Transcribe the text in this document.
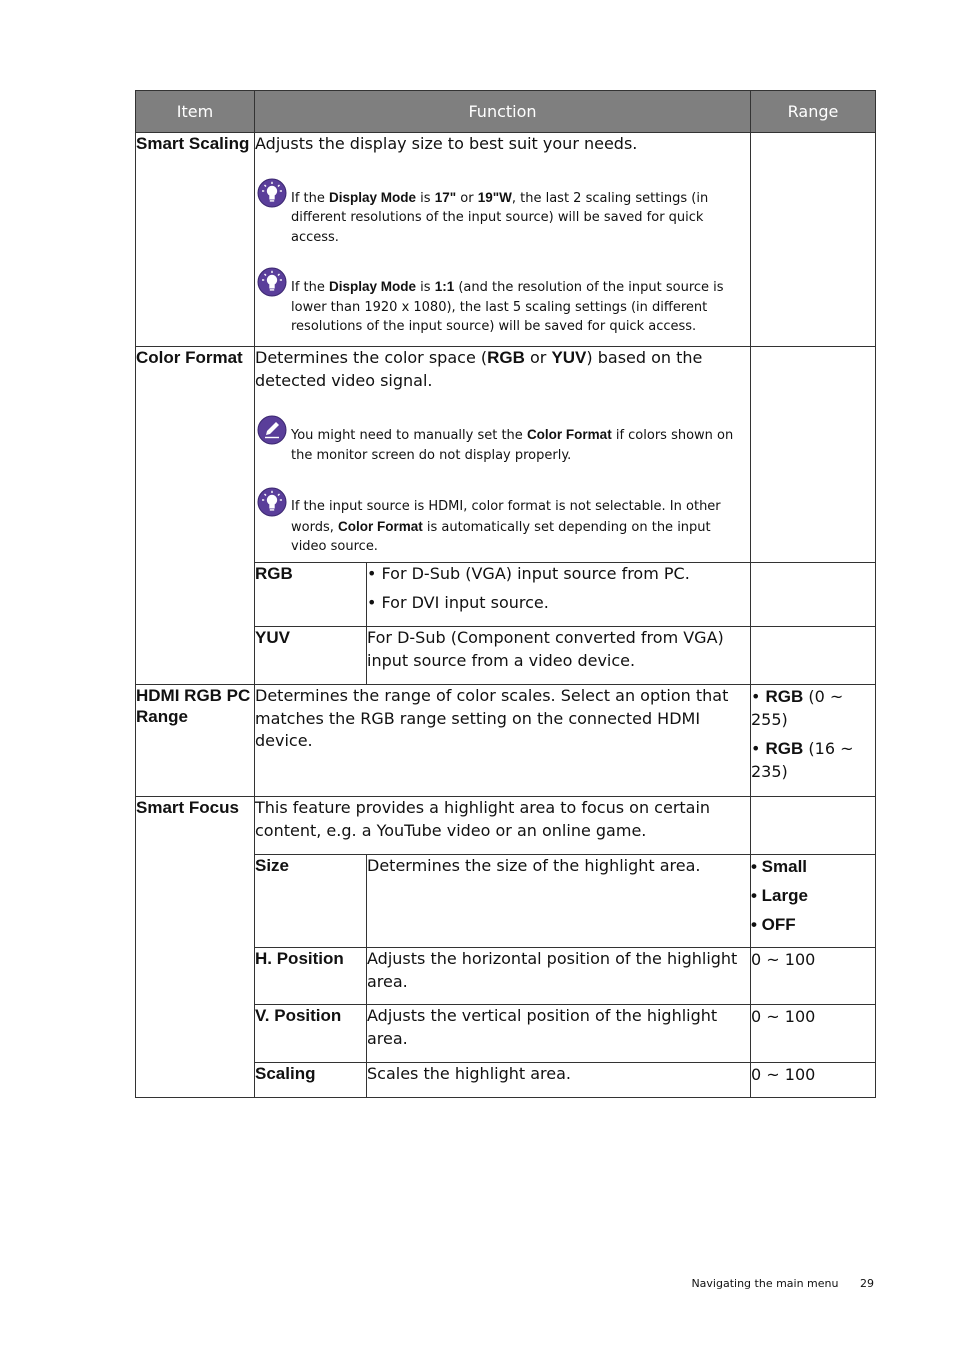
Item	Function		Range
Smart Scaling	Adjusts the display size to best suit your needs.
If the Display Mode is 17" or 19"W, the last 2 scaling settings (in different resolutions of the input source) will be saved for quick access.
If the Display Mode is 1:1 (and the resolution of the input source is lower than 1920 x 1080), the last 5 scaling settings (in different resolutions of the input source) will be saved for quick access.		

Color Format	Determines the color space (RGB or YUV) based on the detected video signal.
You might need to manually set the Color Format if colors shown on the monitor screen do not display properly.
If the input source is HDMI, color format is not selectable. In other words, Color Format is automatically set depending on the input video source.		

	RGB	• For D-Sub (VGA) input source from PC.
• For DVI input source.	

	YUV	For D-Sub (Component converted from VGA) input source from a video device.	
HDMI RGB PC Range	Determines the range of color scales. Select an option that matches the RGB range setting on the connected HDMI device.		• RGB (0 ~ 255)
• RGB (16 ~ 235)

Smart Focus	This feature provides a highlight area to focus on certain content, e.g. a YouTube video or an online game.		
	Size	Determines the size of the highlight area.	• Small
• Large
• OFF

	H. Position	Adjusts the horizontal position of the highlight area.	0 ~ 100
	V. Position	Adjusts the vertical position of the highlight area.	0 ~ 100
	Scaling	Scales the highlight area.	0 ~ 100
Navigating the main menu 29
